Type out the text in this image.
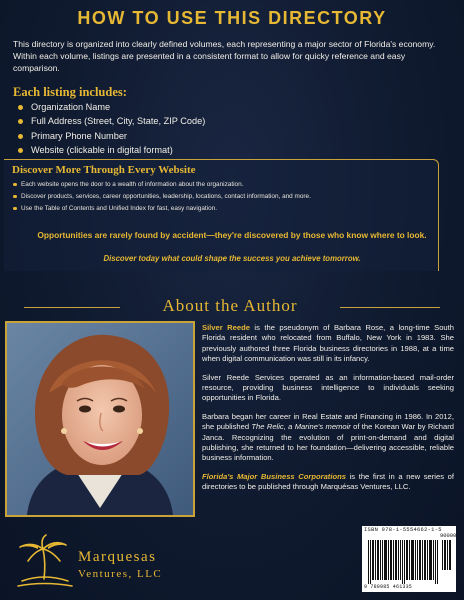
HOW TO USE THIS DIRECTORY
This directory is organized into clearly defined volumes, each representing a major sector of Florida's economy. Within each volume, listings are presented in a consistent format to allow for quicky reference and easy comparison.
Each listing includes:
Organization Name
Full Address (Street, City, State, ZIP Code)
Primary Phone Number
Website (clickable in digital format)
Discover More Through Every Website
Each website opens the door to a wealth of information about the organization.
Discover products, services, career opportunities, leadership, locations, contact information, and more.
Use the Table of Contents and Unified Index for fast, easy navigation.
Opportunities are rarely found by accident—they're discovered by those who know where to look.
Discover today what could shape the success you achieve tomorrow.
About the Author

Silver Reede is the pseudonym of Barbara Rose, a long-time South Florida resident who relocated from Buffalo, New York in 1983. She previously authored three Florida business directories in 1988, at a time when digital communication was still in its infancy.

Silver Reede Services operated as an information-based mail-order resource, providing business intelligence to individuals seeking opportunities in Florida.

Barbara began her career in Real Estate and Financing in 1986. In 2012, she published The Relic, a Marine's memoir of the Korean War by Richard Janca. Recognizing the evolution of print-on-demand and digital publishing, she returned to her foundation—delivering accessible, reliable business information.

Florida's Major Business Corporations is the first in a new series of directories to be published through Marquésas Ventures, LLC.

Marquesas
Ventures, LLC
ISBN 978-1-5554662-1-5
90000
9 780985 461335
